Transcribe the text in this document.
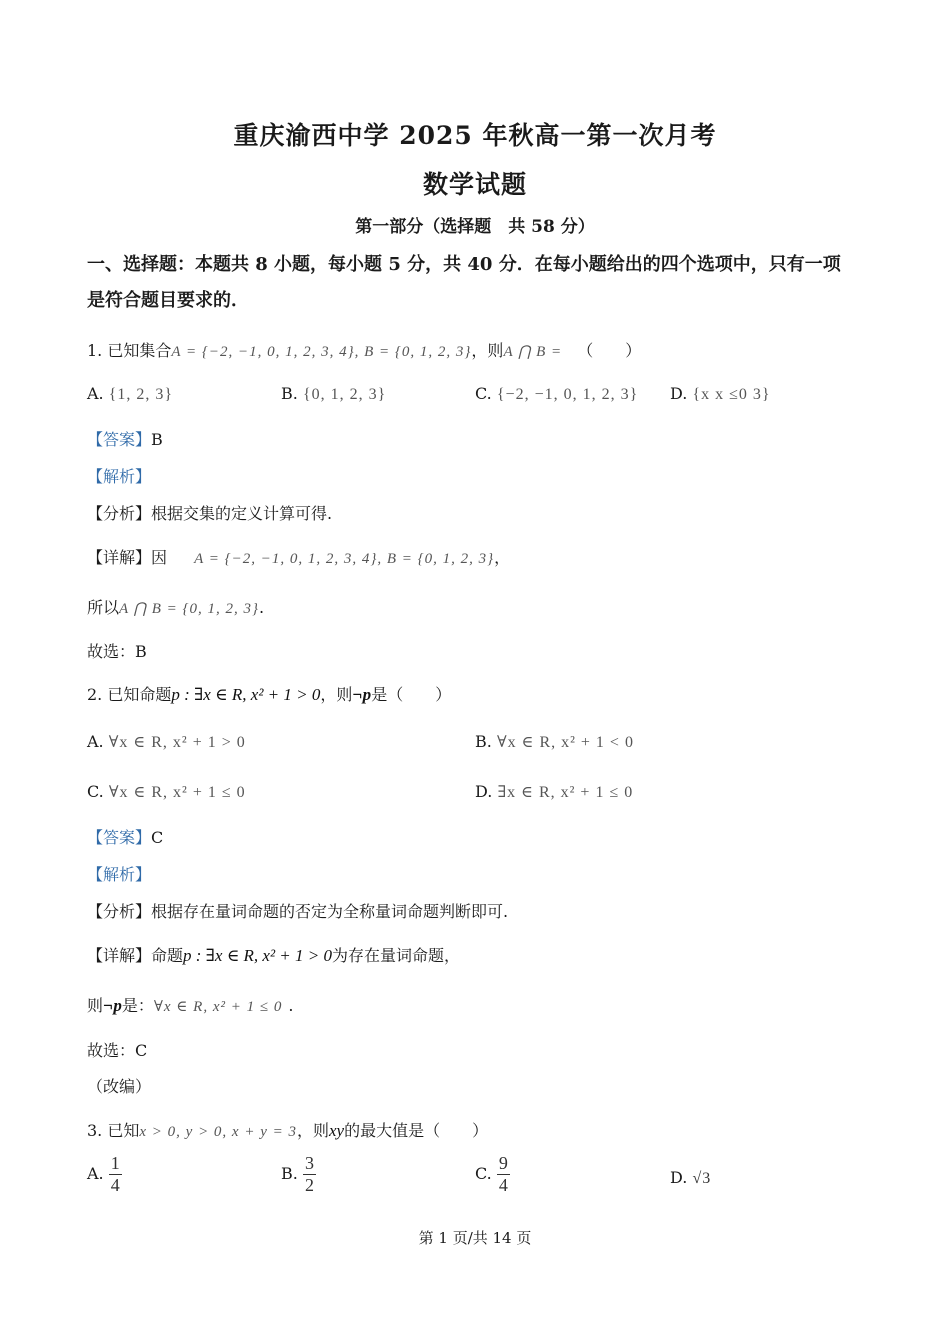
重庆渝西中学 2025 年秋高一第一次月考
数学试题
第一部分（选择题　共 58 分）
一、选择题：本题共 8 小题，每小题 5 分，共 40 分．在每小题给出的四个选项中，只有一项
是符合题目要求的．
1. 已知集合A = {−2, −1, 0, 1, 2, 3, 4}, B = {0, 1, 2, 3}，则A ⋂ B = （　　）
A. {1, 2, 3}	B. {0, 1, 2, 3}	C. {−2, −1, 0, 1, 2, 3} D. {x x ≤0 3}
【答案】B
【解析】
【分析】根据交集的定义计算可得.
【详解】因 A = {−2, −1, 0, 1, 2, 3, 4}, B = {0, 1, 2, 3}，
所以A ⋂ B = {0, 1, 2, 3}.
故选：B
2. 已知命题p : ∃x ∈ R, x² + 1 > 0，则¬p是（　　）
A. ∀x ∈ R, x² + 1 > 0	B. ∀x ∈ R, x² + 1 < 0
C. ∀x ∈ R, x² + 1 ≤ 0	D. ∃x ∈ R, x² + 1 ≤ 0
【答案】C
【解析】
【分析】根据存在量词命题的否定为全称量词命题判断即可.
【详解】命题p : ∃x ∈ R, x² + 1 > 0为存在量词命题，
则¬p是：∀x ∈ R, x² + 1 ≤ 0 .
故选：C
（改编）
3. 已知x > 0, y > 0, x + y = 3，则xy的最大值是（　　）
A. $\frac{1}{4}$	B. $\frac{3}{2}$	C. $\frac{9}{4}$	D. √3
第 1 页/共 14 页
